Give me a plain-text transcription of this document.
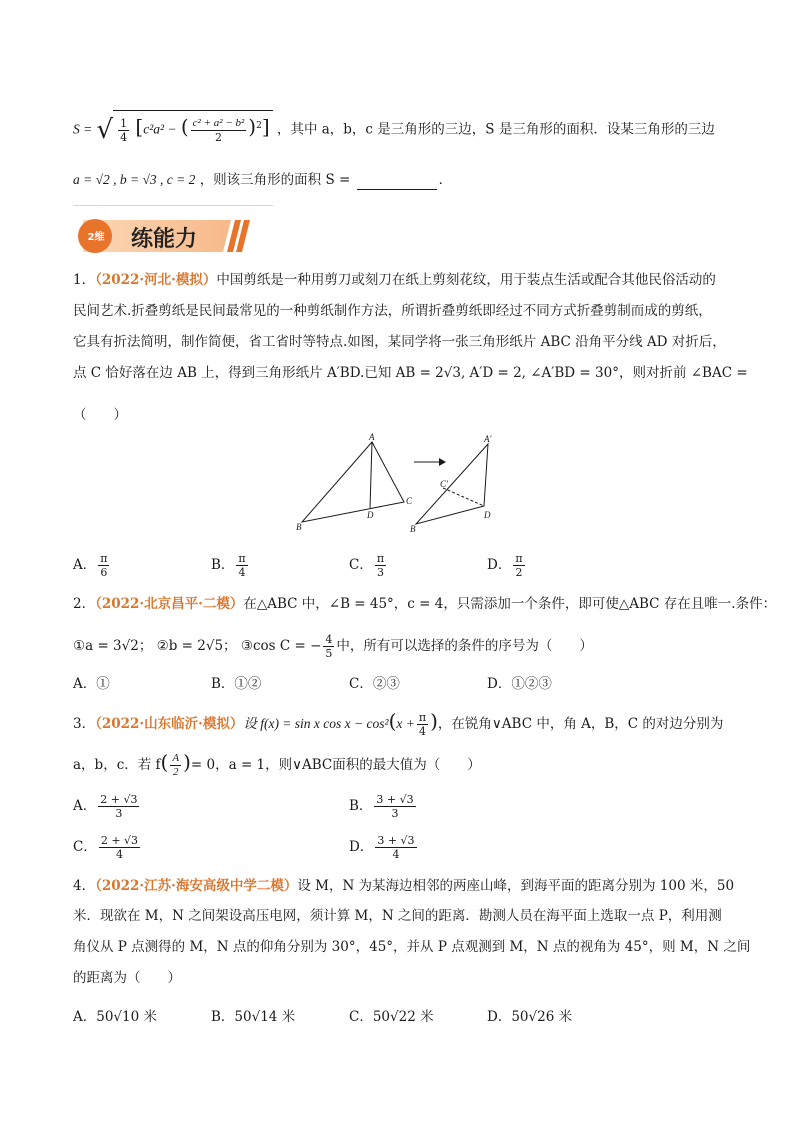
S = √ $\frac{1}{4} [c^2a^2$ − ( $\frac{\text{c² + a² − b²}}{2} )^2$] ，其中 a，b，c 是三角形的三边，S 是三角形的面积．设某三角形的三边
a = √2 , b = √3 , c = 2 ，则该三角形的面积 S =	．
2维	练能力
1．（2022·河北·模拟）中国剪纸是一种用剪刀或刻刀在纸上剪刻花纹，用于装点生活或配合其他民俗活动的
民间艺术.折叠剪纸是民间最常见的一种剪纸制作方法，所谓折叠剪纸即经过不同方式折叠剪制而成的剪纸，
它具有折法简明，制作简便，省工省时等特点.如图，某同学将一张三角形纸片 ABC 沿角平分线 AD 对折后，
点 C 恰好落在边 AB 上，得到三角形纸片 A′BD.已知 AB = 2√3, A′D = 2, ∠A′BD = 30°，则对折前 ∠BAC =
（　　）
A
B
C
D
A′
C′
B
D
A． $\frac{\pi}{6}$	B． $\frac{\pi}{4}$	C． $\frac{\pi}{3}$	D． $\frac{\pi}{2}$
2．（2022·北京昌平·二模）在△ABC 中，∠B = 45°，c = 4，只需添加一个条件，即可使△ABC 存在且唯一.条件：
①a = 3√2； ②b = 2√5； ③cos C = − $\frac{4}{5}$ 中，所有可以选择的条件的序号为（　　）
A．①	B．①②	C．②③	D．①②③
3．（2022·山东临沂·模拟）设 f(x) = sin x $\cos x - \cos^2(x + \frac{\pi}{4}$ )，在锐角∨ABC 中，角 A，B，C 的对边分别为
a，b，c．若 $f( \frac{A}{2}$ )= 0，a = 1，则∨ABC面积的最大值为（　　）
A． $\frac{2 + √3}{3}$	B． $\frac{3 + √3}{3}$
C． $\frac{2 + √3}{4}$	D． $\frac{3 + √3}{4}$
4．（2022·江苏·海安高级中学二模）设 M，N 为某海边相邻的两座山峰，到海平面的距离分别为 100 米，50
米．现欲在 M，N 之间架设高压电网，须计算 M，N 之间的距离．勘测人员在海平面上选取一点 P，利用测
角仪从 P 点测得的 M，N 点的仰角分别为 30°，45°，并从 P 点观测到 M，N 点的视角为 45°，则 M，N 之间
的距离为（　　）
A．50√10 米	B．50√14 米	C．50√22 米	D．50√26 米
